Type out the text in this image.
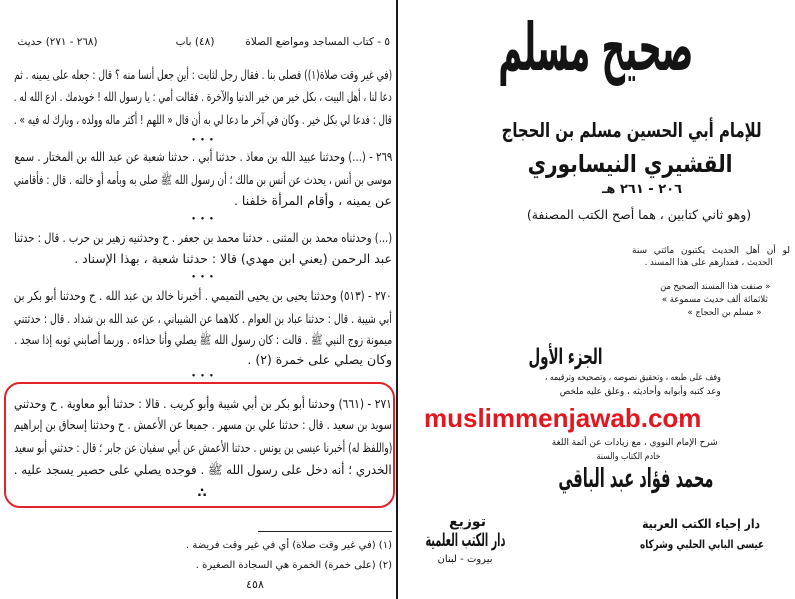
٥ - كتاب المساجد ومواضع الصلاة
(٤٨) باب
(٢٦٨ - ٢٧١) حديث
(في غير وقت صلاة(١)) فصلى بنا . فقال رجل لثابت : أين جعل أنسا منه ؟ قال : جعله على يمينه . ثم
دعا لنا ، أهل البيت ، بكل خير من خير الدنيا والآخرة . فقالت أمي : يا رسول الله ! خويدمك . ادع الله له .
قال : فدعا لي بكل خير . وكان في آخر ما دعا لي به أن قال « اللهم ! أكثر ماله وولده ، وبارك له فيه » .
• • •
٢٦٩ - (...) وحدثنا عبيد الله بن معاذ . حدثنا أبي . حدثنا شعبة عن عبد الله بن المختار . سمع
موسى بن أنس ، يحدث عن أنس بن مالك ؛ أن رسول الله ﷺ صلى به وبأمه أو خالته . قال : فأقامني
عن يمينه ، وأقام المرأة خلفنا .
• • •
(...) وحدثناه محمد بن المثنى . حدثنا محمد بن جعفر . ح وحدثنيه زهير بن حرب . قال : حدثنا
عبد الرحمن (يعني ابن مهدي) قالا : حدثنا شعبة ، بهذا الإسناد .
• • •
٢٧٠ - (٥١٣) وحدثنا يحيى بن يحيى التميمي . أخبرنا خالد بن عبد الله . ح وحدثنا أبو بكر بن
أبي شيبة . قال : حدثنا عباد بن العوام . كلاهما عن الشيباني ، عن عبد الله بن شداد . قال : حدثتني
ميمونة زوج النبي ﷺ . قالت : كان رسول الله ﷺ يصلي وأنا حذاءه . وربما أصابني ثوبه إذا سجد .
وكان يصلي على خمرة (٢) .
• • •
٢٧١ - (٦٦١) وحدثنا أبو بكر بن أبي شيبة وأبو كريب . قالا : حدثنا أبو معاوية . ح وحدثني
سويد بن سعيد . قال : حدثنا علي بن مسهر . جميعا عن الأعمش . ح وحدثنا إسحاق بن إبراهيم
(واللفظ له) أخبرنا عيسى بن يونس . حدثنا الأعمش عن أبي سفيان عن جابر ؛ قال : حدثني أبو سعيد
الخدري ؛ أنه دخل على رسول الله ﷺ . فوجده يصلي على حصير يسجد عليه .
∴
(١) (في غير وقت صلاة) أي في غير وقت فريضة .
(٢) (على خمرة) الخمرة هي السجادة الصغيرة .
٤٥٨
صحيح مسلم
للإمام أبي الحسين مسلم بن الحجاج
القشيري النيسابوري
٢٠٦ - ٢٦١ هـ
(وهو ثاني كتابين ، هما أصح الكتب المصنفة)
لو أن أهل الحديث يكتبون مائتي سنة
الحديث ، فمدارهم على هذا المسند .
« صنفت هذا المسند الصحيح من
ثلاثمائة ألف حديث مسموعة »
« مسلم بن الحجاج »
الجزء الأول
وقف على طبعه ، وتحقيق نصوصه ، وتصحيحه وترقيمه ،
وعد كتبه وأبوابه وأحاديثه ، وعلق عليه ملخص
muslimmenjawab.com
شرح الإمام النووي ، مع زيادات عن أئمة اللغة
خادم الكتاب والسنة
محمد فؤاد عبد الباقي
توزيع
دار الكتب العلمية
بيروت - لبنان
دار إحياء الكتب العربية
عيسى البابي الحلبي وشركاه
